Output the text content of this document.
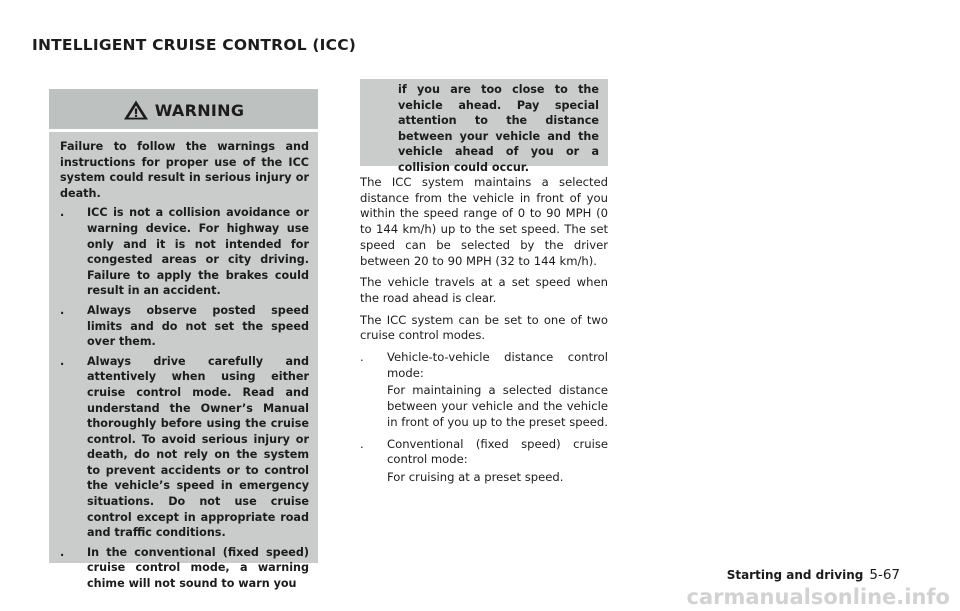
INTELLIGENT CRUISE CONTROL (ICC)
WARNING

Failure to follow the warnings and instructions for proper use of the ICC system could result in serious injury or death.

. ICC is not a collision avoidance or warning device. For highway use only and it is not intended for congested areas or city driving. Failure to apply the brakes could result in an accident.
. Always observe posted speed limits and do not set the speed over them.
. Always drive carefully and attentively when using either cruise control mode. Read and understand the Owner’s Manual thoroughly before using the cruise control. To avoid serious injury or death, do not rely on the system to prevent accidents or to control the vehicle’s speed in emergency situations. Do not use cruise control except in appropriate road and traffic conditions.
. In the conventional (fixed speed) cruise control mode, a warning chime will not sound to warn you
if you are too close to the vehicle ahead. Pay special attention to the distance between your vehicle and the vehicle ahead of you or a collision could occur.

The ICC system maintains a selected distance from the vehicle in front of you within the speed range of 0 to 90 MPH (0 to 144 km/h) up to the set speed. The set speed can be selected by the driver between 20 to 90 MPH (32 to 144 km/h).

The vehicle travels at a set speed when the road ahead is clear.

The ICC system can be set to one of two cruise control modes.

. Vehicle-to-vehicle distance control mode:

For maintaining a selected distance between your vehicle and the vehicle in front of you up to the preset speed.

. Conventional (fixed speed) cruise control mode:

For cruising at a preset speed.

Starting and driving 5-67
carmanualsonline.info
